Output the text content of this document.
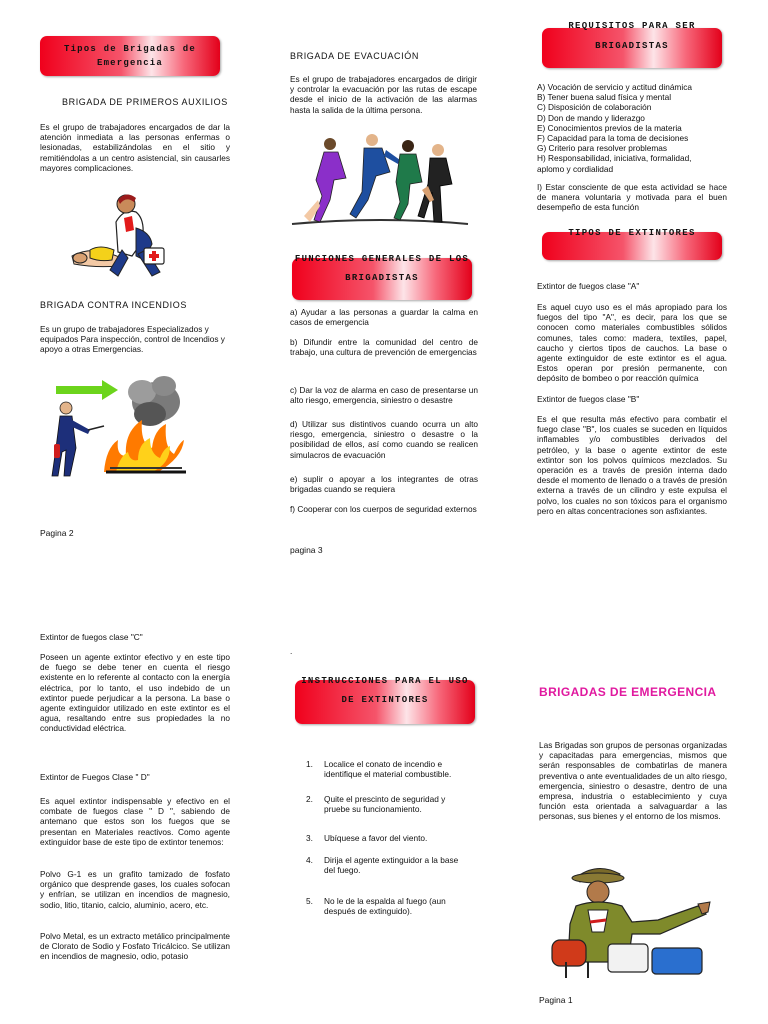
Tipos de Brigadas de Emergencia
BRIGADA DE PRIMEROS AUXILIOS
Es el grupo de trabajadores encargados de dar la atención inmediata a las personas enfermas o lesionadas, estabilizándolas en el sitio y remitiéndolas a un centro asistencial, sin causarles mayores complicaciones.
BRIGADA CONTRA INCENDIOS
Es un grupo de trabajadores Especializados y equipados Para inspección, control de Incendios y apoyo a otras Emergencias.
Pagina 2
BRIGADA DE EVACUACIÓN
Es el grupo de trabajadores encargados de dirigir y controlar la evacuación por las rutas de escape desde el inicio de la activación de las alarmas hasta la salida de la última persona.
FUNCIONES GENERALES DE LOS BRIGADISTAS
a) Ayudar a las personas a guardar la calma en casos de emergencia
b) Difundir entre la comunidad del centro de trabajo, una cultura de prevención de emergencias
c) Dar la voz de alarma en caso de presentarse un alto riesgo, emergencia, siniestro o desastre
d) Utilizar sus distintivos cuando ocurra un alto riesgo, emergencia, siniestro o desastre o la posibilidad de ellos, así como cuando se realicen simulacros de evacuación
e) suplir o apoyar a los integrantes de otras brigadas cuando se requiera
f) Cooperar con los cuerpos de seguridad externos
pagina 3
REQUISITOS PARA SER BRIGADISTAS
A) Vocación de servicio y actitud dinámica
B) Tener buena salud física y mental
C) Disposición de colaboración
D) Don de mando y liderazgo
E) Conocimientos previos de la materia
F) Capacidad para la toma de decisiones
G) Criterio para resolver problemas
H) Responsabilidad, iniciativa, formalidad, aplomo y cordialidad
I) Estar consciente de que esta actividad se hace de manera voluntaria y motivada para el buen desempeño de esta función
TIPOS DE EXTINTORES
Extintor de fuegos clase "A"
Es aquel cuyo uso es el más apropiado para los fuegos del tipo "A", es decir, para los que se conocen como materiales combustibles sólidos comunes, tales como: madera, textiles, papel, caucho y ciertos tipos de cauchos. La base o agente extinguidor de este extintor es el agua. Estos operan por presión permanente, con depósito de bombeo o por reacción química
Extintor de fuegos clase "B"
Es el que resulta más efectivo para combatir el fuego clase "B", los cuales se suceden en líquidos inflamables y/o combustibles derivados del petróleo, y la base o agente extintor de este extintor son los polvos químicos mezclados. Su operación es a través de presión interna dado desde el momento de llenado o a través de presión externa a través de un cilindro y este expulsa el polvo, los cuales no son tóxicos para el organismo pero en altas concentraciones son asfixiantes.
Extintor de fuegos clase "C"
Poseen un agente extintor efectivo y en este tipo de fuego se debe tener en cuenta el riesgo existente en lo referente al contacto con la energía eléctrica, por lo tanto, el uso indebido de un extintor puede perjudicar a la persona. La base o agente extinguidor utilizado en este extintor es el agua, resaltando entre sus propiedades la no conductividad eléctrica.
Extintor de Fuegos Clase " D"
Es aquel extintor indispensable y efectivo en el combate de fuegos clase " D ", sabiendo de antemano que estos son los fuegos que se presentan en Materiales reactivos. Como agente extinguidor base de este tipo de extintor tenemos:
Polvo G-1 es un grafito tamizado de fosfato orgánico que desprende gases, los cuales sofocan y enfrían, se utilizan en incendios de magnesio, sodio, litio, titanio, calcio, aluminio, acero, etc.
Polvo Metal, es un extracto metálico principalmente de Clorato de Sodio y Fosfato Tricálcico. Se utilizan en incendios de magnesio, odio, potasio
.
INSTRUCCIONES PARA EL USO DE EXTINTORES
1. Localice el conato de incendio e identifique el material combustible.
2. Quite el prescinto de seguridad y pruebe su funcionamiento.
3. Ubíquese a favor del viento.
4. Dirija el agente extinguidor a la base del fuego.
5. No le de la espalda al fuego (aun después de extinguido).
BRIGADAS DE EMERGENCIA
Las Brigadas son grupos de personas organizadas y capacitadas para emergencias, mismos que serán responsables de combatirlas de manera preventiva o ante eventualidades de un alto riesgo, emergencia, siniestro o desastre, dentro de una empresa, industria o establecimiento y cuya función esta orientada a salvaguardar a las personas, sus bienes y el entorno de los mismos.
Pagina 1
